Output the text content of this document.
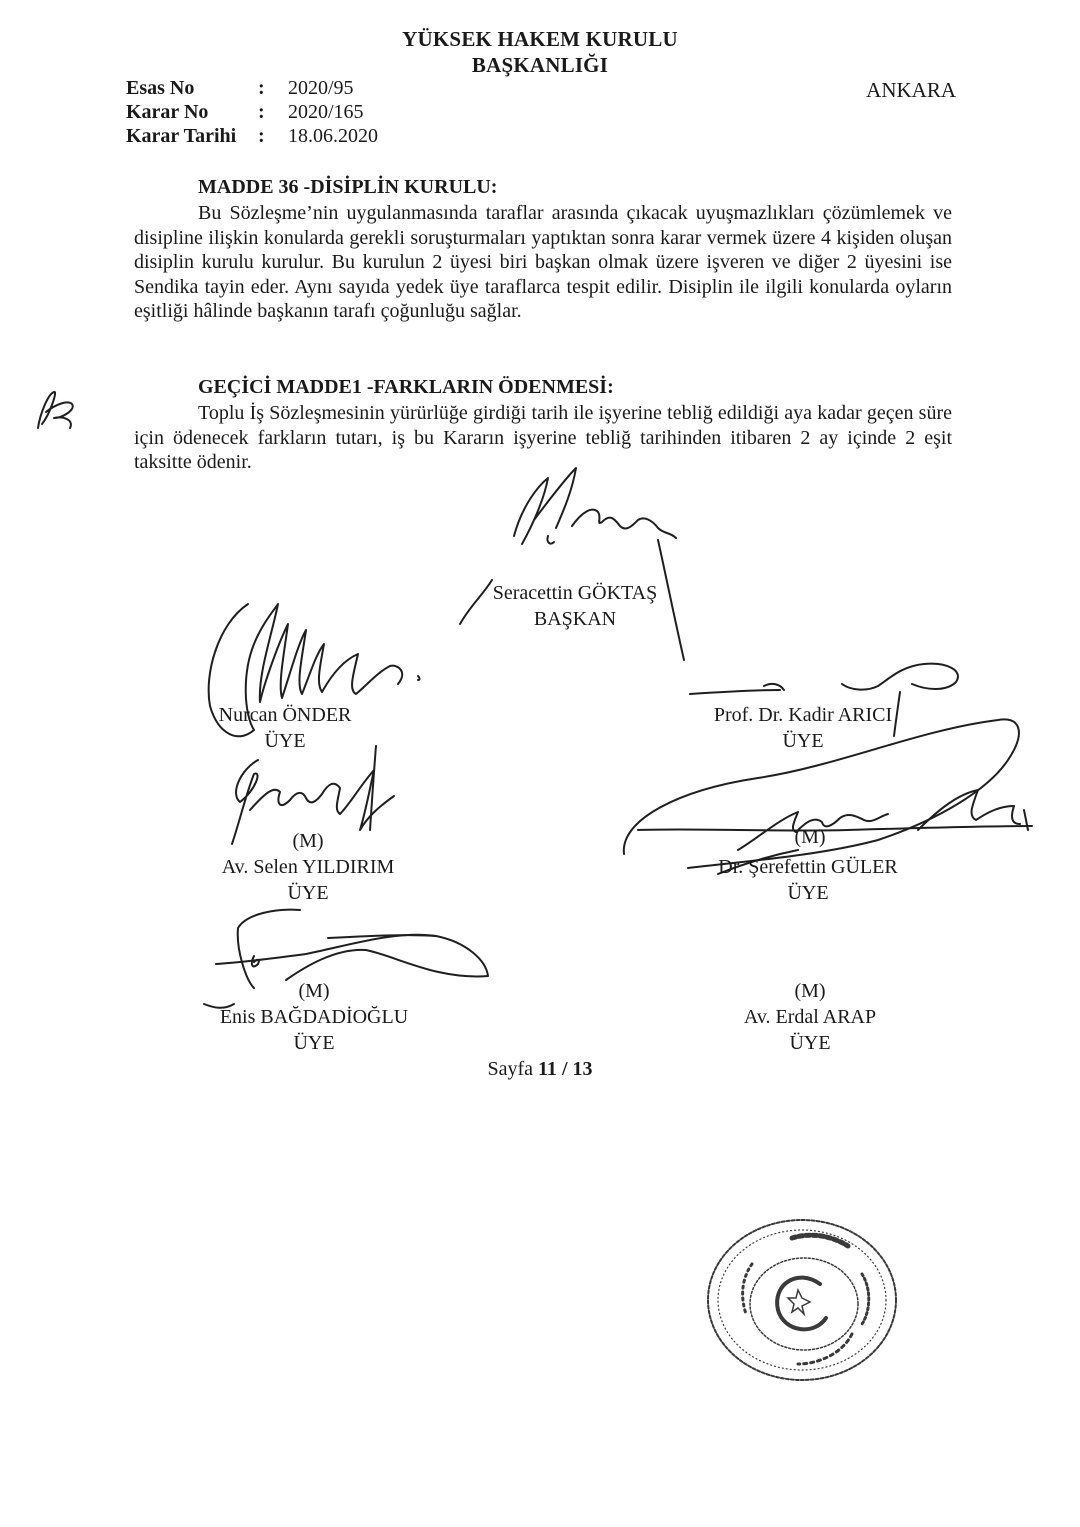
YÜKSEK HAKEM KURULU
BAŞKANLIĞI
ANKARA
Esas No	:	2020/95
Karar No	:	2020/165
Karar Tarihi	:	18.06.2020
MADDE 36 -DİSİPLİN KURULU:

Bu Sözleşme’nin uygulanmasında taraflar arasında çıkacak uyuşmazlıkları çözümlemek ve disipline ilişkin konularda gerekli soruşturmaları yaptıktan sonra karar vermek üzere 4 kişiden oluşan disiplin kurulu kurulur. Bu kurulun 2 üyesi biri başkan olmak üzere işveren ve diğer 2 üyesini ise Sendika tayin eder. Aynı sayıda yedek üye taraflarca tespit edilir. Disiplin ile ilgili konularda oyların eşitliği hâlinde başkanın tarafı çoğunluğu sağlar.

GEÇİCİ MADDE1 -FARKLARIN ÖDENMESİ:

Toplu İş Sözleşmesinin yürürlüğe girdiği tarih ile işyerine tebliğ edildiği aya kadar geçen süre için ödenecek farkların tutarı, iş bu Kararın işyerine tebliğ tarihinden itibaren 2 ay içinde 2 eşit taksitte ödenir.

Seracettin GÖKTAŞ
BAŞKAN
Nurcan ÖNDER
ÜYE
Prof. Dr. Kadir ARICI
ÜYE
(M)
Av. Selen YILDIRIM
ÜYE
Dr. Şerefettin GÜLER
ÜYE
(M)
(M)
Enis BAĞDADİOĞLU
ÜYE
(M)
Av. Erdal ARAP
ÜYE
Sayfa 11 / 13
